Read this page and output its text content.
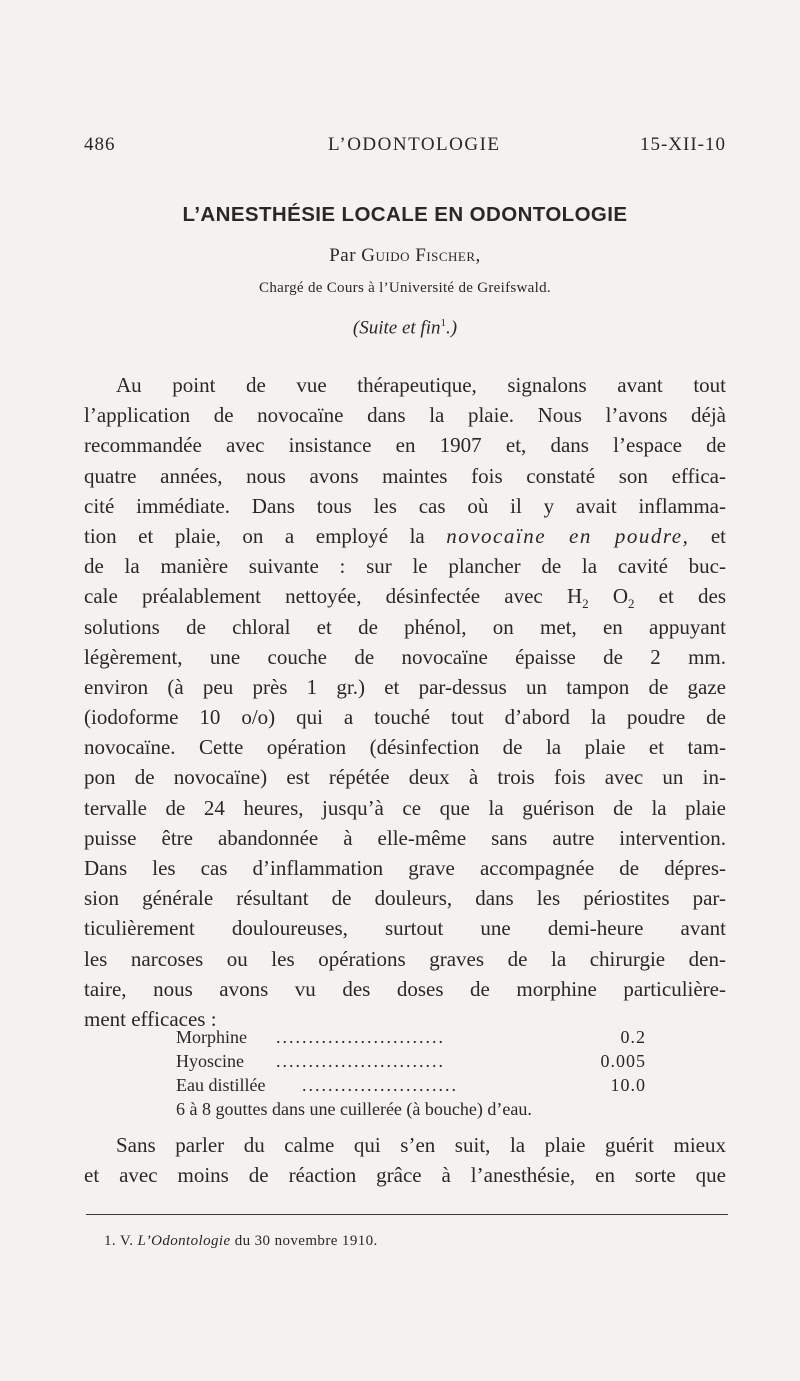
486	L’ODONTOLOGIE	15-XII-10
L’ANESTHÉSIE LOCALE EN ODONTOLOGIE
Par Guido Fischer,
Chargé de Cours à l’Université de Greifswald.
(Suite et fin$^1$.)
Au point de vue thérapeutique, signalons avant tout
l’application de novocaïne dans la plaie. Nous l’avons déjà
recommandée avec insistance en 1907 et, dans l’espace de
quatre années, nous avons maintes fois constaté son effica-
cité immédiate. Dans tous les cas où il y avait inflamma-
tion et plaie, on a employé la novocaïne en poudre, et
de la manière suivante : sur le plancher de la cavité buc-
cale préalablement nettoyée, désinfectée avec $H_2$ $O_2$ et des
solutions de chloral et de phénol, on met, en appuyant
légèrement, une couche de novocaïne épaisse de 2 mm.
environ (à peu près 1 gr.) et par-dessus un tampon de gaze
(iodoforme 10 o/o) qui a touché tout d’abord la poudre de
novocaïne. Cette opération (désinfection de la plaie et tam-
pon de novocaïne) est répétée deux à trois fois avec un in-
tervalle de 24 heures, jusqu’à ce que la guérison de la plaie
puisse être abandonnée à elle-même sans autre intervention.
Dans les cas d’inflammation grave accompagnée de dépres-
sion générale résultant de douleurs, dans les périostites par-
ticulièrement douloureuses, surtout une demi-heure avant
les narcoses ou les opérations graves de la chirurgie den-
taire, nous avons vu des doses de morphine particulière-
ment efficaces :
Morphine ..........................	0.2
Hyoscine ..........................	0.005
Eau distillée ........................	10.0
6 à 8 gouttes dans une cuillerée (à bouche) d’eau.
Sans parler du calme qui s’en suit, la plaie guérit mieux
et avec moins de réaction grâce à l’anesthésie, en sorte que
1. V. L’Odontologie du 30 novembre 1910.
